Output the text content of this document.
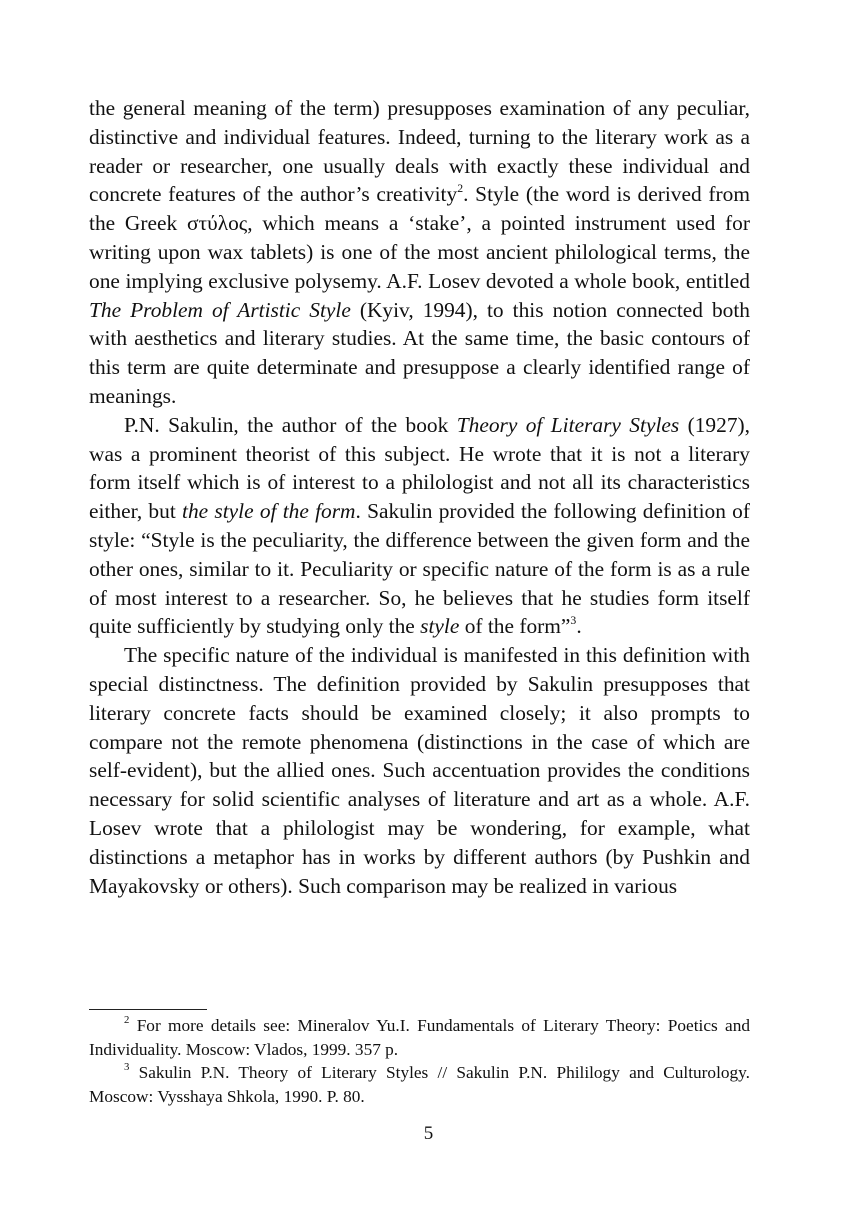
the general meaning of the term) presupposes examination of any peculiar, distinctive and individual features. Indeed, turning to the literary work as a reader or researcher, one usually deals with exactly these individual and concrete features of the author’s creativity$^2$. Style (the word is derived from the Greek στύλος, which means a ‘stake’, a pointed instrument used for writing upon wax tablets) is one of the most ancient philological terms, the one implying exclusive polysemy. A.F. Losev devoted a whole book, entitled The Problem of Artistic Style (Kyiv, 1994), to this notion connected both with aesthetics and literary studies. At the same time, the basic contours of this term are quite determinate and presuppose a clearly identified range of meanings.

P.N. Sakulin, the author of the book Theory of Literary Styles (1927), was a prominent theorist of this subject. He wrote that it is not a literary form itself which is of interest to a philologist and not all its characteristics either, but the style of the form. Sakulin provided the following definition of style: “Style is the peculiarity, the difference between the given form and the other ones, similar to it. Peculiarity or specific nature of the form is as a rule of most interest to a researcher. So, he believes that he studies form itself quite sufficiently by studying only the style of the form”$^3$.

The specific nature of the individual is manifested in this definition with special distinctness. The definition provided by Sakulin presupposes that literary concrete facts should be examined closely; it also prompts to compare not the remote phenomena (distinctions in the case of which are self-evident), but the allied ones. Such accentuation provides the conditions necessary for solid scientific analyses of literature and art as a whole. A.F. Losev wrote that a philologist may be wondering, for example, what distinctions a metaphor has in works by different authors (by Pushkin and Mayakovsky or others). Such comparison may be realized in various

$^2$ For more details see: Mineralov Yu.I. Fundamentals of Literary Theory: Poetics and Individuality. Moscow: Vlados, 1999. 357 p.

$^3$ Sakulin P.N. Theory of Literary Styles // Sakulin P.N. Phililogy and Culturology. Moscow: Vysshaya Shkola, 1990. P. 80.

5
